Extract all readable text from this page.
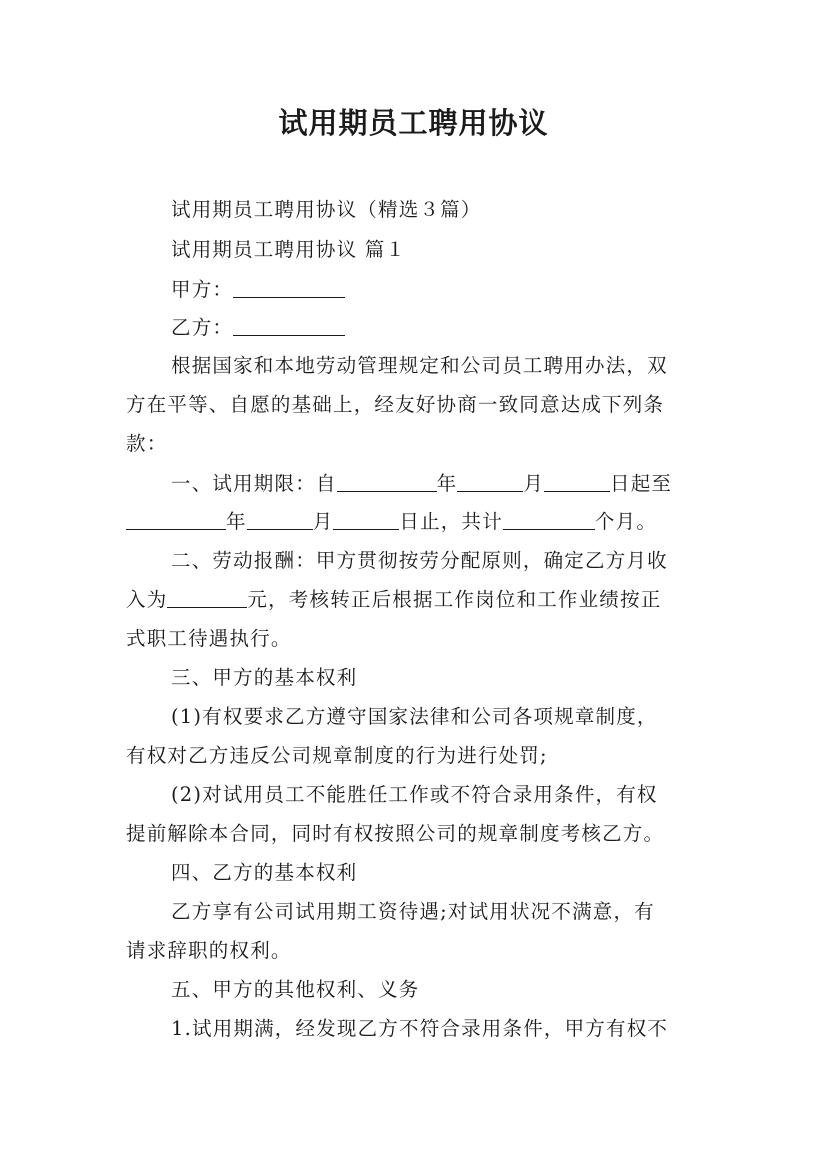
试用期员工聘用协议
试用期员工聘用协议（精选３篇）
试用期员工聘用协议 篇１
甲方：
乙方：
根据国家和本地劳动管理规定和公司员工聘用办法，双
方在平等、自愿的基础上，经友好协商一致同意达成下列条
款：
一、试用期限：自	年	月	日起至
年	月	日止，共计	个月。
二、劳动报酬：甲方贯彻按劳分配原则，确定乙方月收
入为	元，考核转正后根据工作岗位和工作业绩按正
式职工待遇执行。
三、甲方的基本权利
(1)有权要求乙方遵守国家法律和公司各项规章制度，
有权对乙方违反公司规章制度的行为进行处罚;
(2)对试用员工不能胜任工作或不符合录用条件，有权
提前解除本合同，同时有权按照公司的规章制度考核乙方。
四、乙方的基本权利
乙方享有公司试用期工资待遇;对试用状况不满意，有
请求辞职的权利。
五、甲方的其他权利、义务
1.试用期满，经发现乙方不符合录用条件，甲方有权不
